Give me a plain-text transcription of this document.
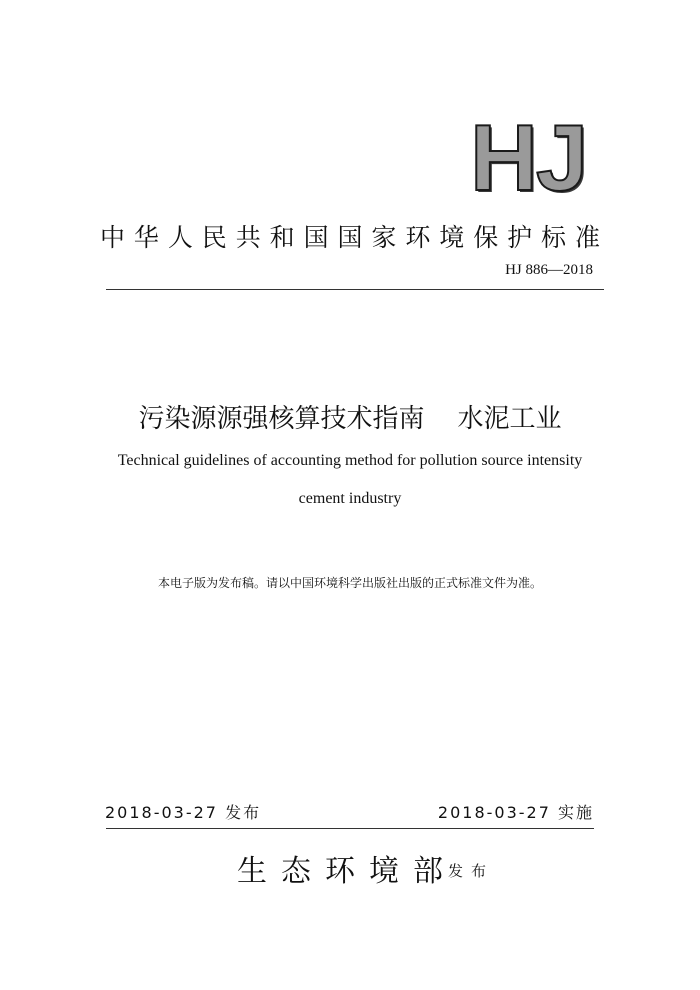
HJ
中华人民共和国国家环境保护标准
HJ 886—2018
污染源源强核算技术指南    水泥工业
Technical guidelines of accounting method for pollution source intensity
cement industry
本电子版为发布稿。请以中国环境科学出版社出版的正式标准文件为准。
2018-03-27 发布	2018-03-27 实施
生态环境部
发布
